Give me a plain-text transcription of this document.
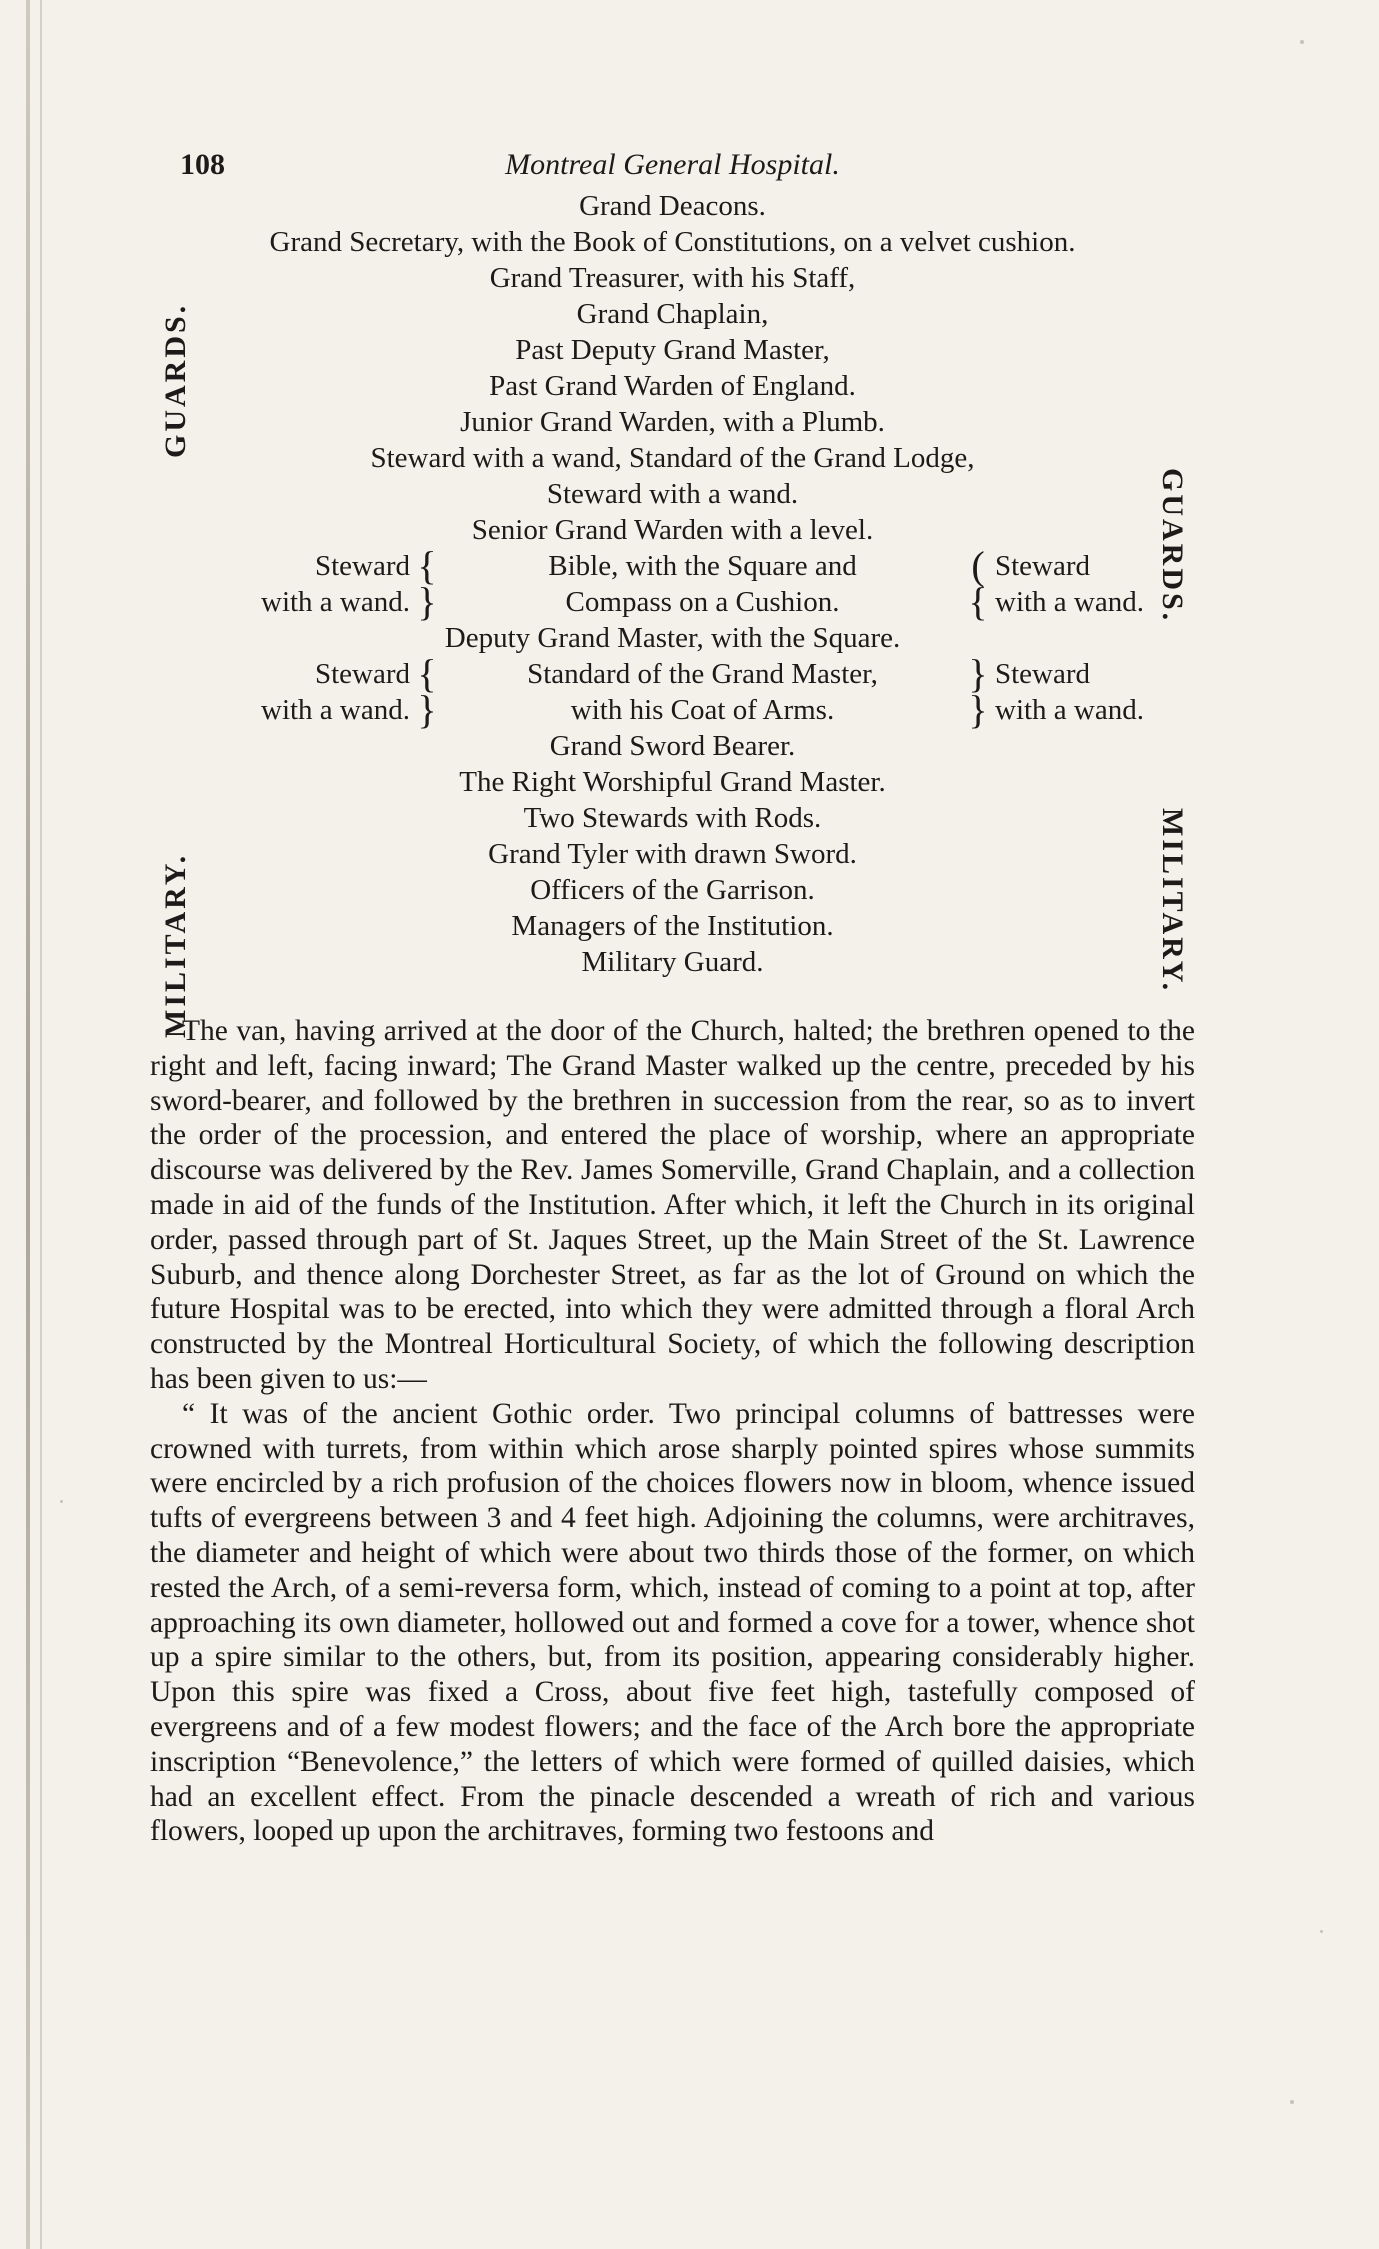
108	Montreal General Hospital.
GUARDS.
GUARDS.
MILITARY.	MILITARY.
Grand Deacons.
Grand Secretary, with the Book of Constitutions, on a velvet cushion.
Grand Treasurer, with his Staff,
Grand Chaplain,
Past Deputy Grand Master,
Past Grand Warden of England.
Junior Grand Warden, with a Plumb.
Steward with a wand, Standard of the Grand Lodge,
Steward with a wand.
Senior Grand Warden with a level.
Steward {	Bible, with the Square and	( Steward
with a wand. }	Compass on a Cushion.	{ with a wand.
Deputy Grand Master, with the Square.
Steward {	Standard of the Grand Master,	} Steward
with a wand. }	with his Coat of Arms.	} with a wand.
Grand Sword Bearer.
The Right Worshipful Grand Master.
Two Stewards with Rods.
Grand Tyler with drawn Sword.
Officers of the Garrison.
Managers of the Institution.
Military Guard.

The van, having arrived at the door of the Church, halted; the brethren opened to the right and left, facing inward; The Grand Master walked up the centre, preceded by his sword-bearer, and followed by the brethren in succession from the rear, so as to invert the order of the procession, and entered the place of worship, where an appropriate discourse was delivered by the Rev. James Somerville, Grand Chaplain, and a collection made in aid of the funds of the Institution. After which, it left the Church in its original order, passed through part of St. Jaques Street, up the Main Street of the St. Lawrence Suburb, and thence along Dorchester Street, as far as the lot of Ground on which the future Hospital was to be erected, into which they were admitted through a floral Arch constructed by the Montreal Horticultural Society, of which the following description has been given to us:—

“ It was of the ancient Gothic order. Two principal columns of battresses were crowned with turrets, from within which arose sharply pointed spires whose summits were encircled by a rich profusion of the choices flowers now in bloom, whence issued tufts of evergreens between 3 and 4 feet high. Adjoining the columns, were architraves, the diameter and height of which were about two thirds those of the former, on which rested the Arch, of a semi-reversa form, which, instead of coming to a point at top, after approaching its own diameter, hollowed out and formed a cove for a tower, whence shot up a spire similar to the others, but, from its position, appearing considerably higher. Upon this spire was fixed a Cross, about five feet high, tastefully composed of evergreens and of a few modest flowers; and the face of the Arch bore the appropriate inscription “Benevolence,” the letters of which were formed of quilled daisies, which had an excellent effect. From the pinacle descended a wreath of rich and various flowers, looped up upon the architraves, forming two festoons and
